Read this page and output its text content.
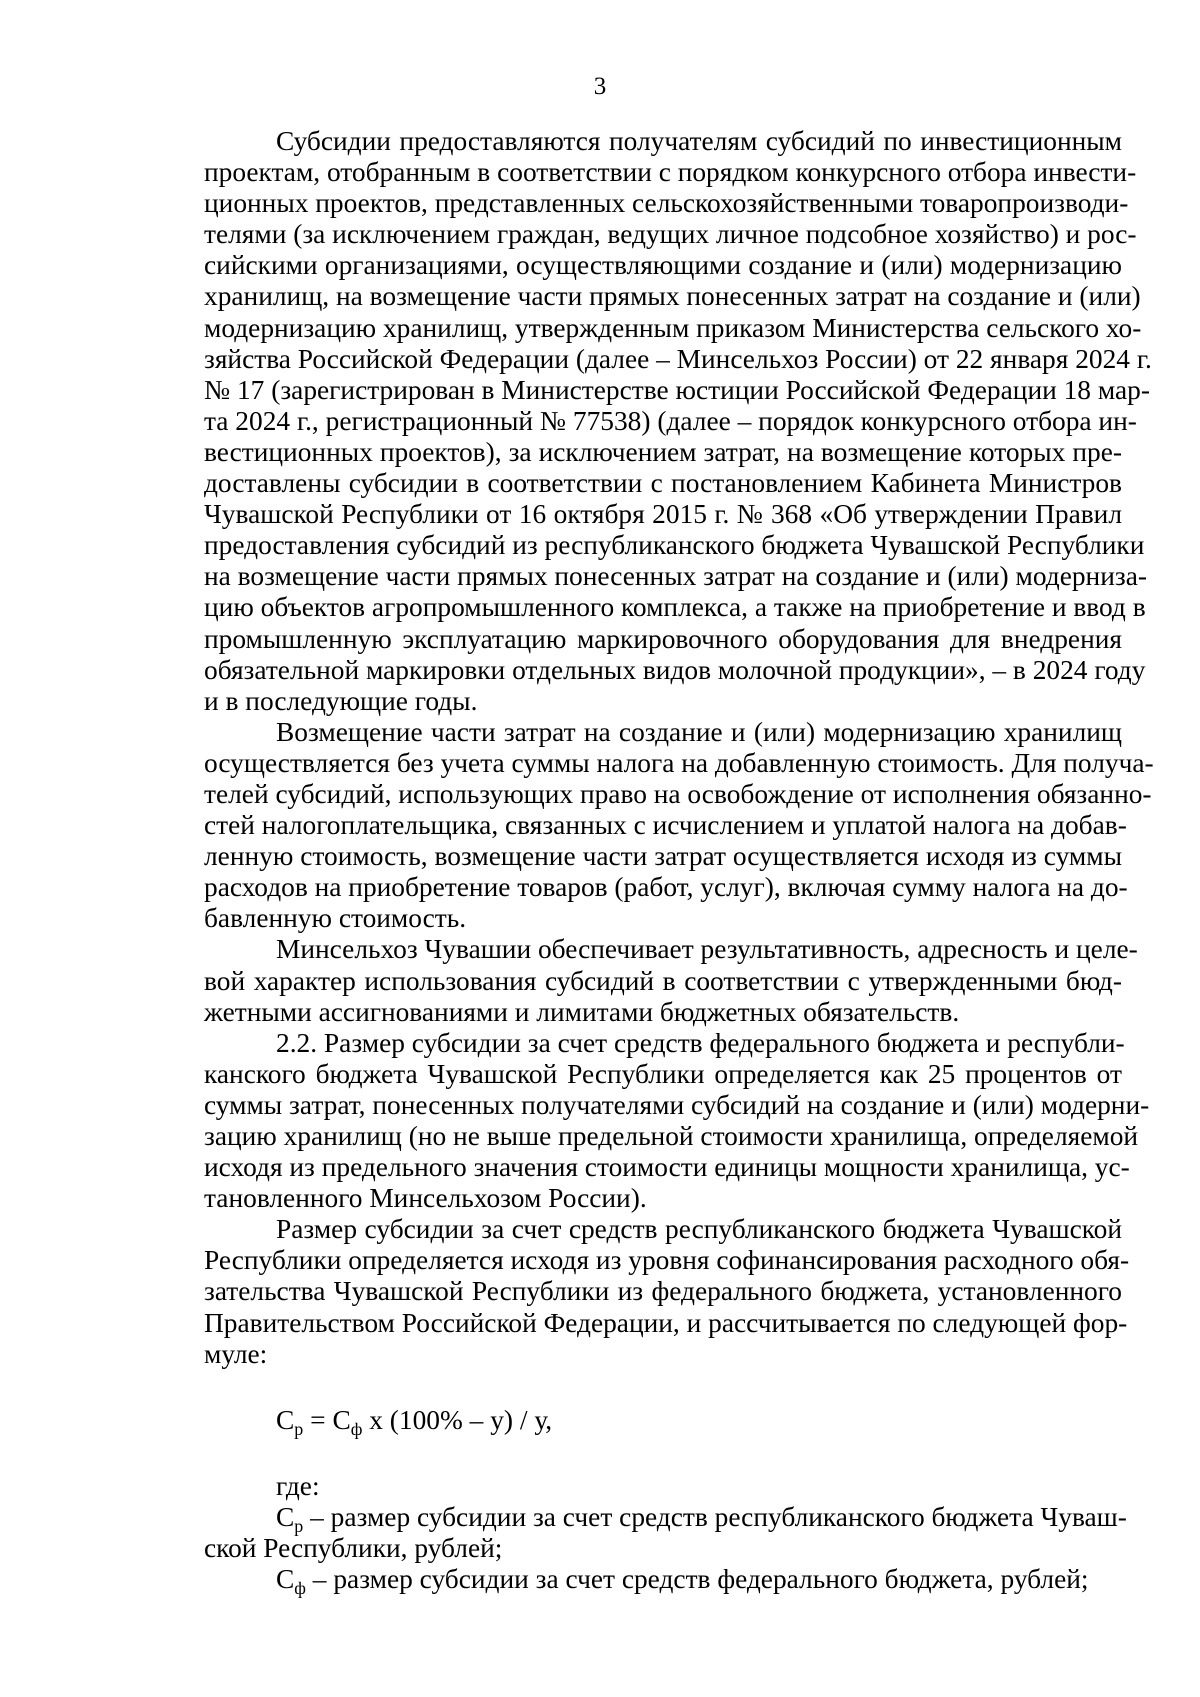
3
Субсидии предоставляются получателям субсидий по инвестиционным
проектам, отобранным в соответствии с порядком конкурсного отбора инвести-
ционных проектов, представленных сельскохозяйственными товаропроизводи-
телями (за исключением граждан, ведущих личное подсобное хозяйство) и рос-
сийскими организациями, осуществляющими создание и (или) модернизацию
хранилищ, на возмещение части прямых понесенных затрат на создание и (или)
модернизацию хранилищ, утвержденным приказом Министерства сельского хо-
зяйства Российской Федерации (далее – Минсельхоз России) от 22 января 2024 г.
№ 17 (зарегистрирован в Министерстве юстиции Российской Федерации 18 мар-
та 2024 г., регистрационный № 77538) (далее – порядок конкурсного отбора ин-
вестиционных проектов), за исключением затрат, на возмещение которых пре-
доставлены субсидии в соответствии с постановлением Кабинета Министров
Чувашской Республики от 16 октября 2015 г. № 368 «Об утверждении Правил
предоставления субсидий из республиканского бюджета Чувашской Республики
на возмещение части прямых понесенных затрат на создание и (или) модерниза-
цию объектов агропромышленного комплекса, а также на приобретение и ввод в
промышленную эксплуатацию маркировочного оборудования для внедрения
обязательной маркировки отдельных видов молочной продукции», – в 2024 году
и в последующие годы.
Возмещение части затрат на создание и (или) модернизацию хранилищ
осуществляется без учета суммы налога на добавленную стоимость. Для получа-
телей субсидий, использующих право на освобождение от исполнения обязанно-
стей налогоплательщика, связанных с исчислением и уплатой налога на добав-
ленную стоимость, возмещение части затрат осуществляется исходя из суммы
расходов на приобретение товаров (работ, услуг), включая сумму налога на до-
бавленную стоимость.
Минсельхоз Чувашии обеспечивает результативность, адресность и целе-
вой характер использования субсидий в соответствии с утвержденными бюд-
жетными ассигнованиями и лимитами бюджетных обязательств.
2.2. Размер субсидии за счет средств федерального бюджета и республи-
канского бюджета Чувашской Республики определяется как 25 процентов от
суммы затрат, понесенных получателями субсидий на создание и (или) модерни-
зацию хранилищ (но не выше предельной стоимости хранилища, определяемой
исходя из предельного значения стоимости единицы мощности хранилища, ус-
тановленного Минсельхозом России).
Размер субсидии за счет средств республиканского бюджета Чувашской
Республики определяется исходя из уровня софинансирования расходного обя-
зательства Чувашской Республики из федерального бюджета, установленного
Правительством Российской Федерации, и рассчитывается по следующей фор-
муле:
$С_р = С_ф$ х (100% – у) / у,
где:
$С_р$ – размер субсидии за счет средств республиканского бюджета Чуваш-
ской Республики, рублей;
$С_ф$ – размер субсидии за счет средств федерального бюджета, рублей;
